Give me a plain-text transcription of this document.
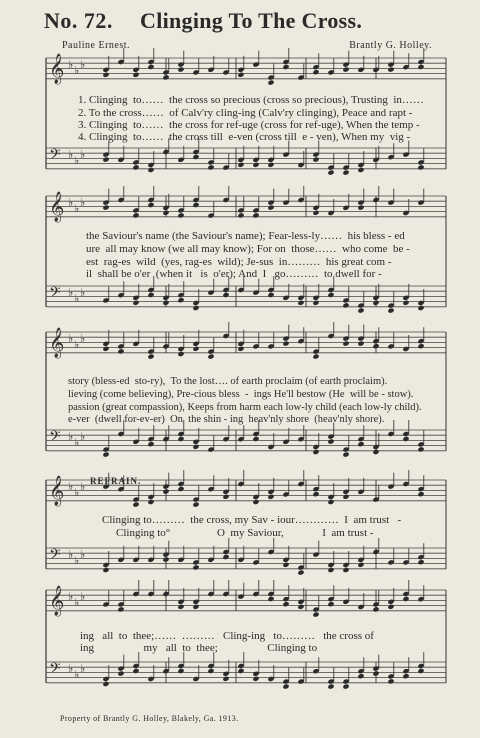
𝄞 ♭ ♭ ♭
𝄢 ♭ ♭ ♭
𝄞 ♭ ♭ ♭
𝄢 ♭ ♭ ♭
𝄞 ♭ ♭ ♭
𝄢 ♭ ♭ ♭
𝄞 ♭ ♭ ♭
𝄢 ♭ ♭ ♭
𝄞 ♭ ♭ ♭
𝄢 ♭ ♭ ♭
No. 72.	Clinging To The Cross.
Pauline Ernest.	Brantly G. Holley.
1. Clinging  to……  the cross so precious (cross so precious), Trusting  in……
2. To the cross……  of Calv'ry cling-ing (Calv'ry clinging), Peace and rapt -
3. Clinging  to……  the cross for ref-uge (cross for ref-uge), When the temp -
4. Clinging  to……  the cross till  e-ven (cross till  e - ven), When my  vig -
the Saviour's name (the Saviour's name); Fear-less-ly……  his bless - ed
ure  all may know (we all may know); For on  those……  who come  be -
est  rag-es  wild  (yes, rag-es  wild); Je-sus  in………  his great com -
il  shall be o'er  (when it   is  o'er); And  I   go………  to dwell for -
story (bless-ed  sto-ry),  To the lost…. of earth proclaim (of earth proclaim).
lieving (come believing), Pre-cious bless  -  ings He'll bestow (He  will be - stow).
passion (great compassion), Keeps from harm each low-ly child (each low-ly child).
e-ver  (dwell for-ev-er)  On  the shin - ing  heav'nly shore  (heav'nly shore).
REFRAIN.
Clinging to………  the cross, my Sav - iour…………  I  am trust   -
Clinging to°                 O  my Saviour,              I  am trust -
ing   all  to  thee;……  ………   Cling-ing   to………   the cross of
ing                  my   all  to  thee;                  Clinging to
Property of Brantly G. Holley, Blakely, Ga. 1913.
